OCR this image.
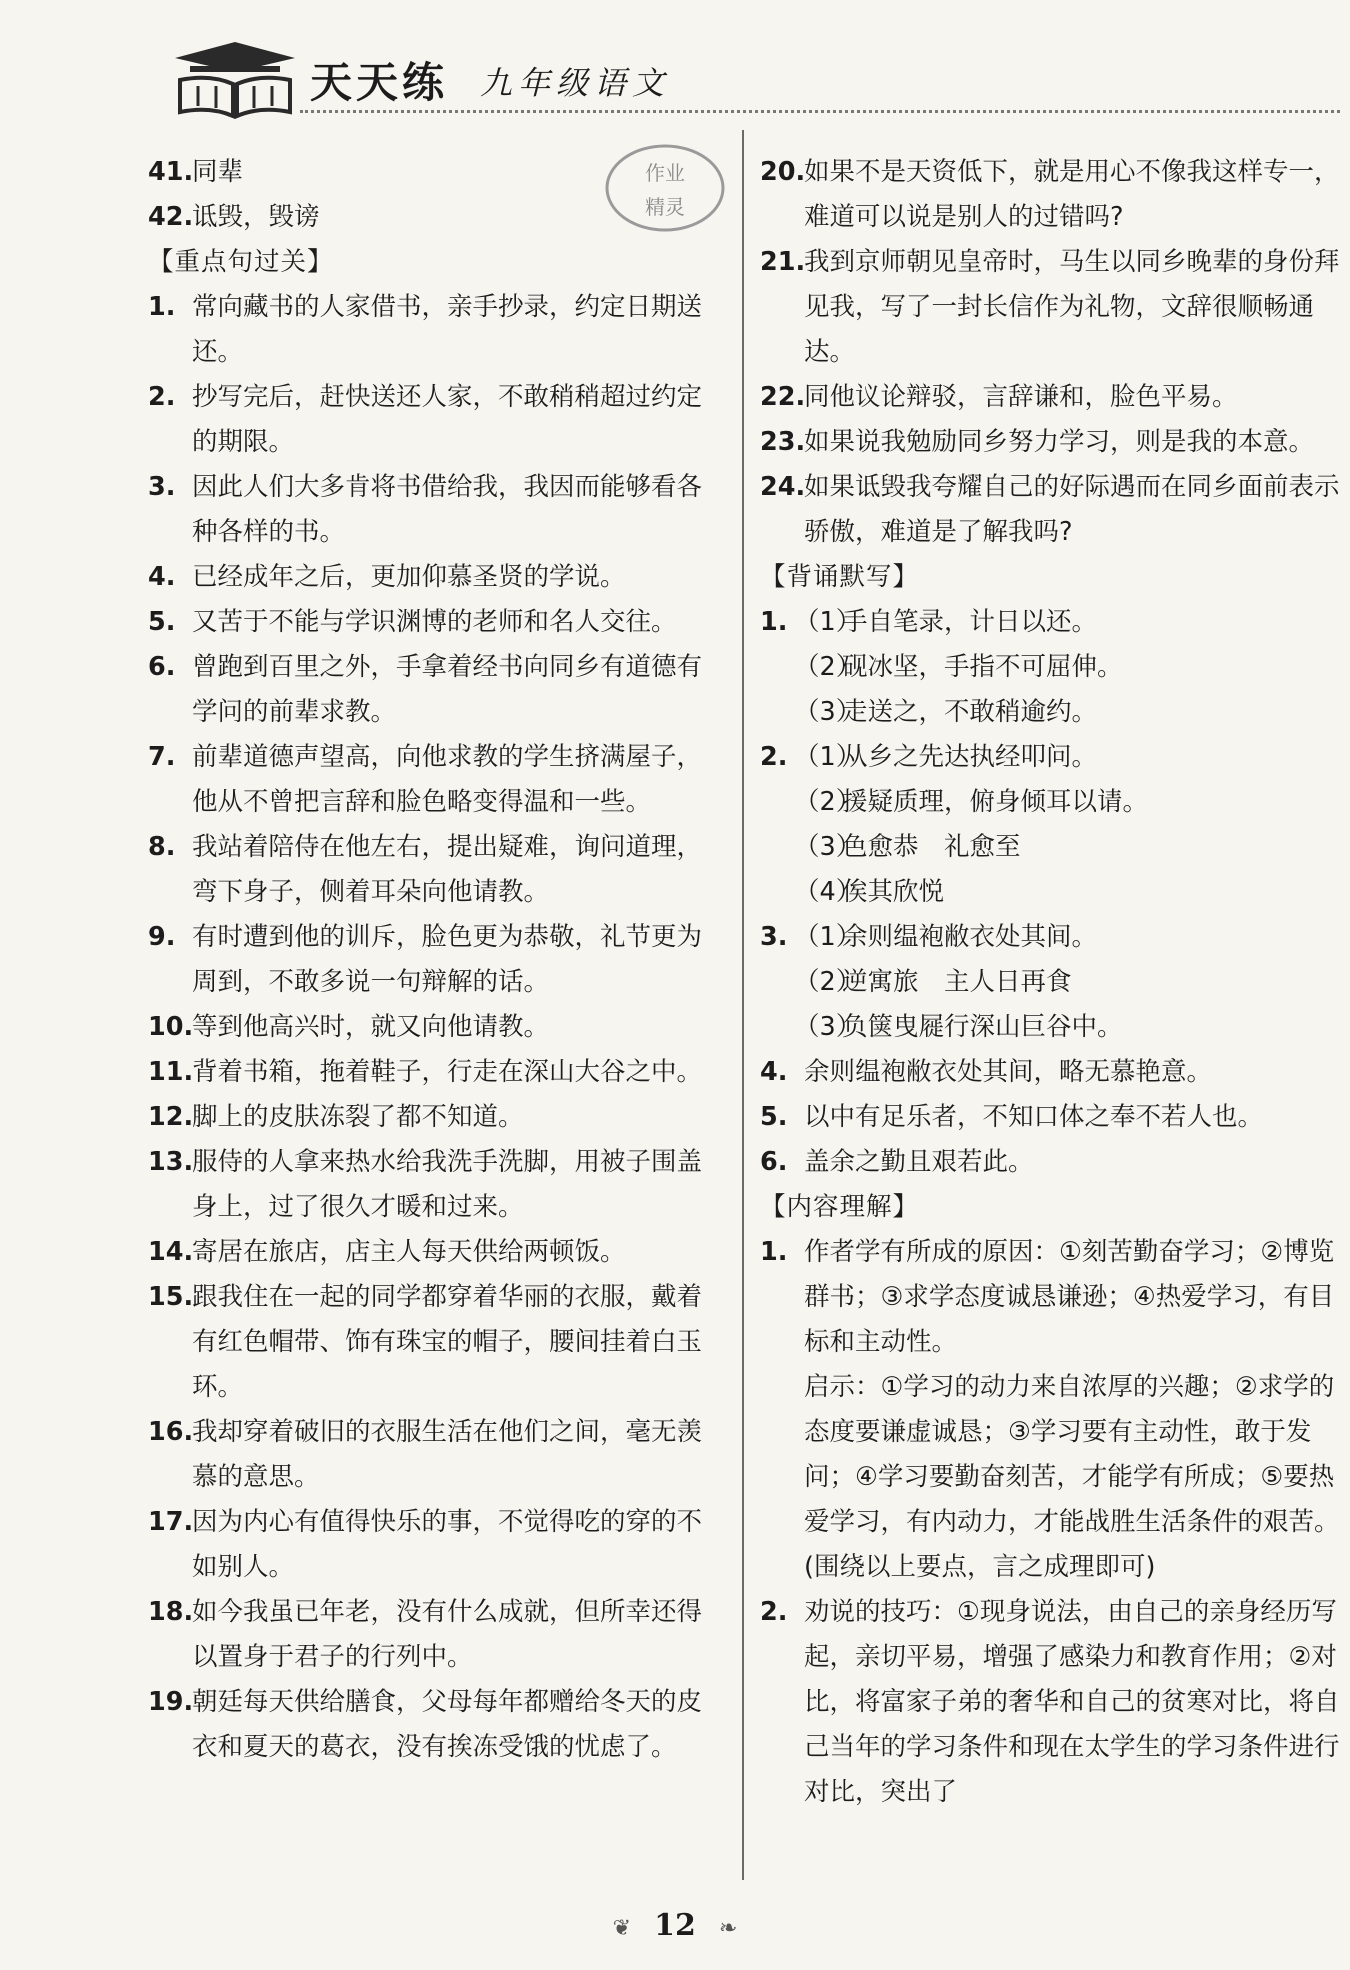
天天练 九年级语文
作业
精灵

41.
同辈

42.
诋毁，毁谤

【重点句过关】

1. 常向藏书的人家借书，亲手抄录，约定日期送还。

2. 抄写完后，赶快送还人家，不敢稍稍超过约定的期限。

3. 因此人们大多肯将书借给我，我因而能够看各种各样的书。

4. 已经成年之后，更加仰慕圣贤的学说。

5. 又苦于不能与学识渊博的老师和名人交往。

6. 曾跑到百里之外，手拿着经书向同乡有道德有学问的前辈求教。

7. 前辈道德声望高，向他求教的学生挤满屋子，他从不曾把言辞和脸色略变得温和一些。

8. 我站着陪侍在他左右，提出疑难，询问道理，弯下身子，侧着耳朵向他请教。

9. 有时遭到他的训斥，脸色更为恭敬，礼节更为周到，不敢多说一句辩解的话。

10.
等到他高兴时，就又向他请教。

11.
背着书箱，拖着鞋子，行走在深山大谷之中。

12.
脚上的皮肤冻裂了都不知道。

13.
服侍的人拿来热水给我洗手洗脚，用被子围盖身上，过了很久才暖和过来。

14.
寄居在旅店，店主人每天供给两顿饭。

15.
跟我住在一起的同学都穿着华丽的衣服，戴着有红色帽带、饰有珠宝的帽子，腰间挂着白玉环。

16.
我却穿着破旧的衣服生活在他们之间，毫无羡慕的意思。

17.
因为内心有值得快乐的事，不觉得吃的穿的不如别人。

18.
如今我虽已年老，没有什么成就，但所幸还得以置身于君子的行列中。

19.
朝廷每天供给膳食，父母每年都赠给冬天的皮衣和夏天的葛衣，没有挨冻受饿的忧虑了。

20.
如果不是天资低下，就是用心不像我这样专一，难道可以说是别人的过错吗?

21.
我到京师朝见皇帝时，马生以同乡晚辈的身份拜见我，写了一封长信作为礼物，文辞很顺畅通达。

22.
同他议论辩驳，言辞谦和，脸色平易。

23.
如果说我勉励同乡努力学习，则是我的本意。

24.
如果诋毁我夸耀自己的好际遇而在同乡面前表示骄傲，难道是了解我吗?

【背诵默写】

1. （1）
手自笔录，计日以还。

（2）
砚冰坚，手指不可屈伸。

（3）
走送之，不敢稍逾约。

2. （1）
从乡之先达执经叩问。

（2）
援疑质理，俯身倾耳以请。

（3）
色愈恭　礼愈至

（4）
俟其欣悦

3. （1）
余则缊袍敝衣处其间。

（2）
逆寓旅　主人日再食

（3）
负箧曳屣行深山巨谷中。

4. 余则缊袍敝衣处其间，略无慕艳意。

5. 以中有足乐者，不知口体之奉不若人也。

6. 盖余之勤且艰若此。

【内容理解】

1. 作者学有所成的原因：①刻苦勤奋学习；②博览群书；③求学态度诚恳谦逊；④热爱学习，有目标和主动性。

启示：①学习的动力来自浓厚的兴趣；②求学的态度要谦虚诚恳；③学习要有主动性，敢于发问；④学习要勤奋刻苦，才能学有所成；⑤要热爱学习，有内动力，才能战胜生活条件的艰苦。

(围绕以上要点，言之成理即可)

2. 劝说的技巧：①现身说法，由自己的亲身经历写起，亲切平易，增强了感染力和教育作用；②对比，将富家子弟的奢华和自己的贫寒对比，将自己当年的学习条件和现在太学生的学习条件进行对比，突出了

❦ 12 ❧
